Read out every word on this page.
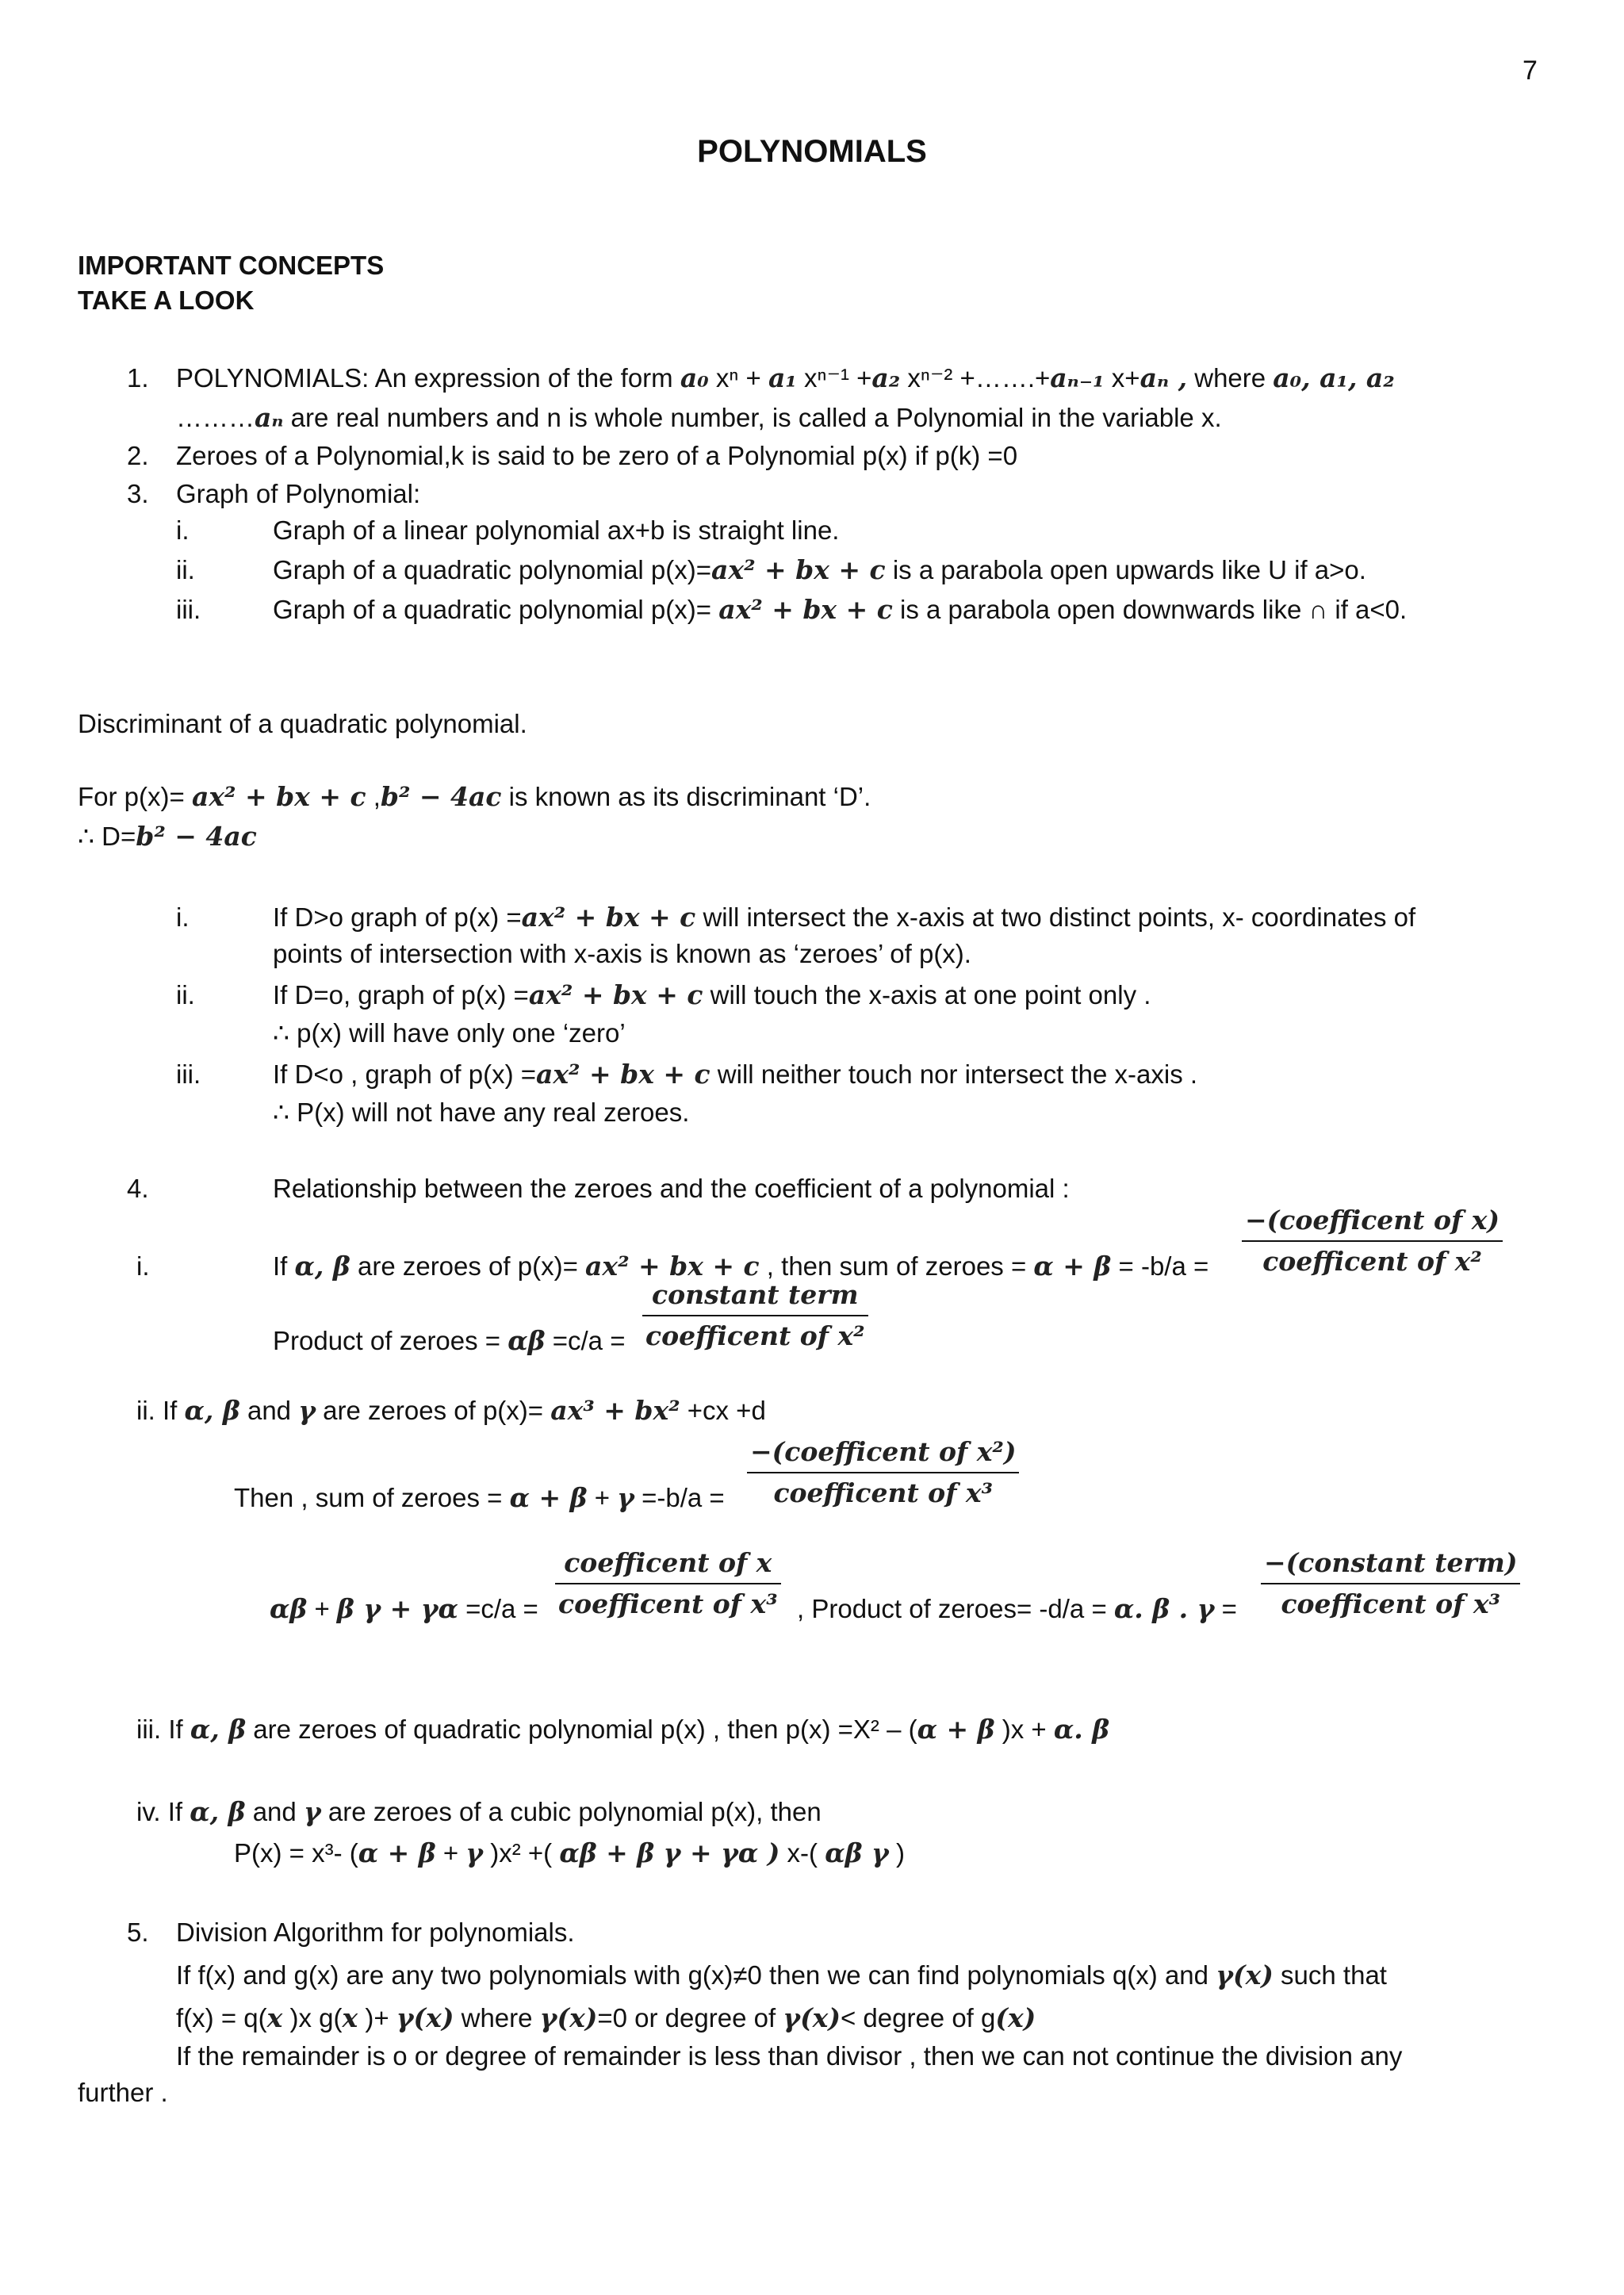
7
POLYNOMIALS
IMPORTANT CONCEPTS
TAKE A LOOK
1. POLYNOMIALS: An expression of the form a₀ xⁿ + a₁ xⁿ⁻¹ +a₂ xⁿ⁻² +…….+aₙ₋₁ x+aₙ , where a₀, a₁, a₂
………aₙ are real numbers and n is whole number, is called a Polynomial in the variable x.
2. Zeroes of a Polynomial,k is said to be zero of a Polynomial p(x) if p(k) =0
3. Graph of Polynomial:
i.	Graph of a linear polynomial ax+b is straight line.
ii.	Graph of a quadratic polynomial p(x)=ax² + bx + c is a parabola open upwards like U if a>o.
iii.	Graph of a quadratic polynomial p(x)= ax² + bx + c is a parabola open downwards like ∩ if a<0.
Discriminant of a quadratic polynomial.
For p(x)= ax² + bx + c ,b² − 4ac is known as its discriminant ‘D’.
∴ D=b² − 4ac
i.	If D>o graph of p(x) =ax² + bx + c will intersect the x-axis at two distinct points, x- coordinates of
points of intersection with x-axis is known as ‘zeroes’ of p(x).
ii.	If D=o, graph of p(x) =ax² + bx + c will touch the x-axis at one point only .
∴ p(x) will have only one ‘zero’
iii.	If D<o , graph of p(x) =ax² + bx + c will neither touch nor intersect the x-axis .
∴ P(x) will not have any real zeroes.
4.	Relationship between the zeroes and the coefficient of a polynomial :
i.	If α, β are zeroes of p(x)= ax² + bx + c , then sum of zeroes = $\alpha + \beta = -b/a = \frac{\text{−(coefficent of x)}}{\text{coefficent of x²}}$
Product of zeroes = $\alpha\beta =c/a = \frac{\text{constant term}}{\text{coefficent of x²}}$
ii. If α, β and γ are zeroes of p(x)= ax³ + bx² +cx +d
Then , sum of zeroes = $\alpha + \beta + \gamma =-b/a = \frac{\text{−(coefficent of x²)}}{\text{coefficent of x³}}$
αβ + β $\gamma + \gamma\alpha =c/a = \frac{\text{coefficent of x}}{\text{coefficent of x³}}$ , Product of zeroes= -d/a = α. β . $\gamma = \frac{\text{−(constant term)}}{\text{coefficent of x³}}$
iii. If α, β are zeroes of quadratic polynomial p(x) , then p(x) =X² – (α + β )x + α. β
iv. If α, β and γ are zeroes of a cubic polynomial p(x), then
P(x) = x³- (α + β + γ )x² +( αβ + β γ + γα ) x-( αβ γ )
5. Division Algorithm for polynomials.
If f(x) and g(x) are any two polynomials with g(x)≠0 then we can find polynomials q(x) and γ(x) such that
f(x) = q(x )x g(x )+ γ(x) where γ(x)=0 or degree of γ(x)< degree of g(x)
If the remainder is o or degree of remainder is less than divisor , then we can not continue the division any
further .
